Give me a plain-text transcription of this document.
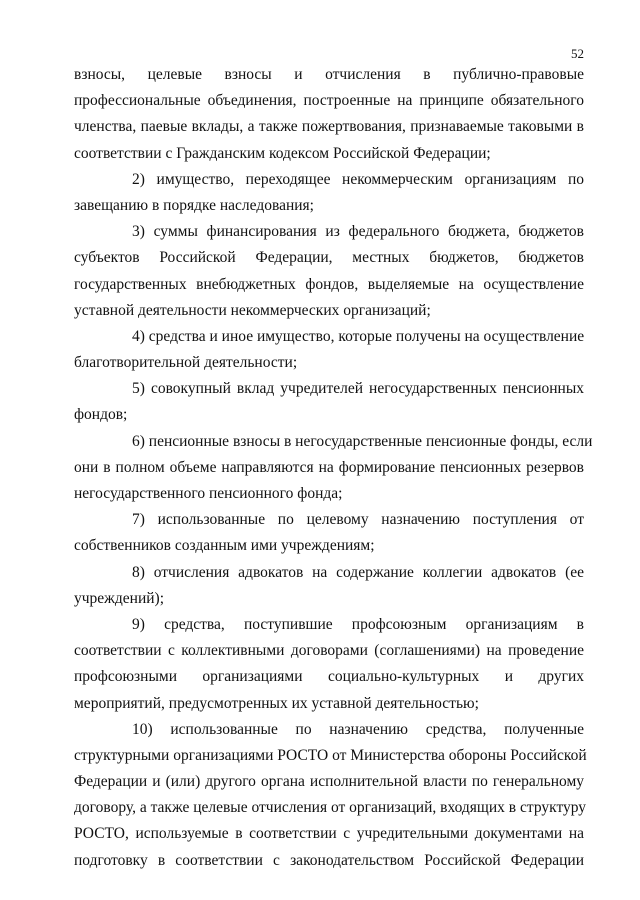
52
взносы, целевые взносы и отчисления в публично-правовые
профессиональные объединения, построенные на принципе обязательного
членства, паевые вклады, а также пожертвования, признаваемые таковыми в
соответствии с Гражданским кодексом Российской Федерации;
2) имущество, переходящее некоммерческим организациям по
завещанию в порядке наследования;
3) суммы финансирования из федерального бюджета, бюджетов
субъектов Российской Федерации, местных бюджетов, бюджетов
государственных внебюджетных фондов, выделяемые на осуществление
уставной деятельности некоммерческих организаций;
4) средства и иное имущество, которые получены на осуществление
благотворительной деятельности;
5) совокупный вклад учредителей негосударственных пенсионных
фондов;
6) пенсионные взносы в негосударственные пенсионные фонды, если
они в полном объеме направляются на формирование пенсионных резервов
негосударственного пенсионного фонда;
7) использованные по целевому назначению поступления от
собственников созданным ими учреждениям;
8) отчисления адвокатов на содержание коллегии адвокатов (ее
учреждений);
9) средства, поступившие профсоюзным организациям в
соответствии с коллективными договорами (соглашениями) на проведение
профсоюзными организациями социально-культурных и других
мероприятий, предусмотренных их уставной деятельностью;
10) использованные по назначению средства, полученные
структурными организациями РОСТО от Министерства обороны Российской
Федерации и (или) другого органа исполнительной власти по генеральному
договору, а также целевые отчисления от организаций, входящих в структуру
РОСТО, используемые в соответствии с учредительными документами на
подготовку в соответствии с законодательством Российской Федерации
